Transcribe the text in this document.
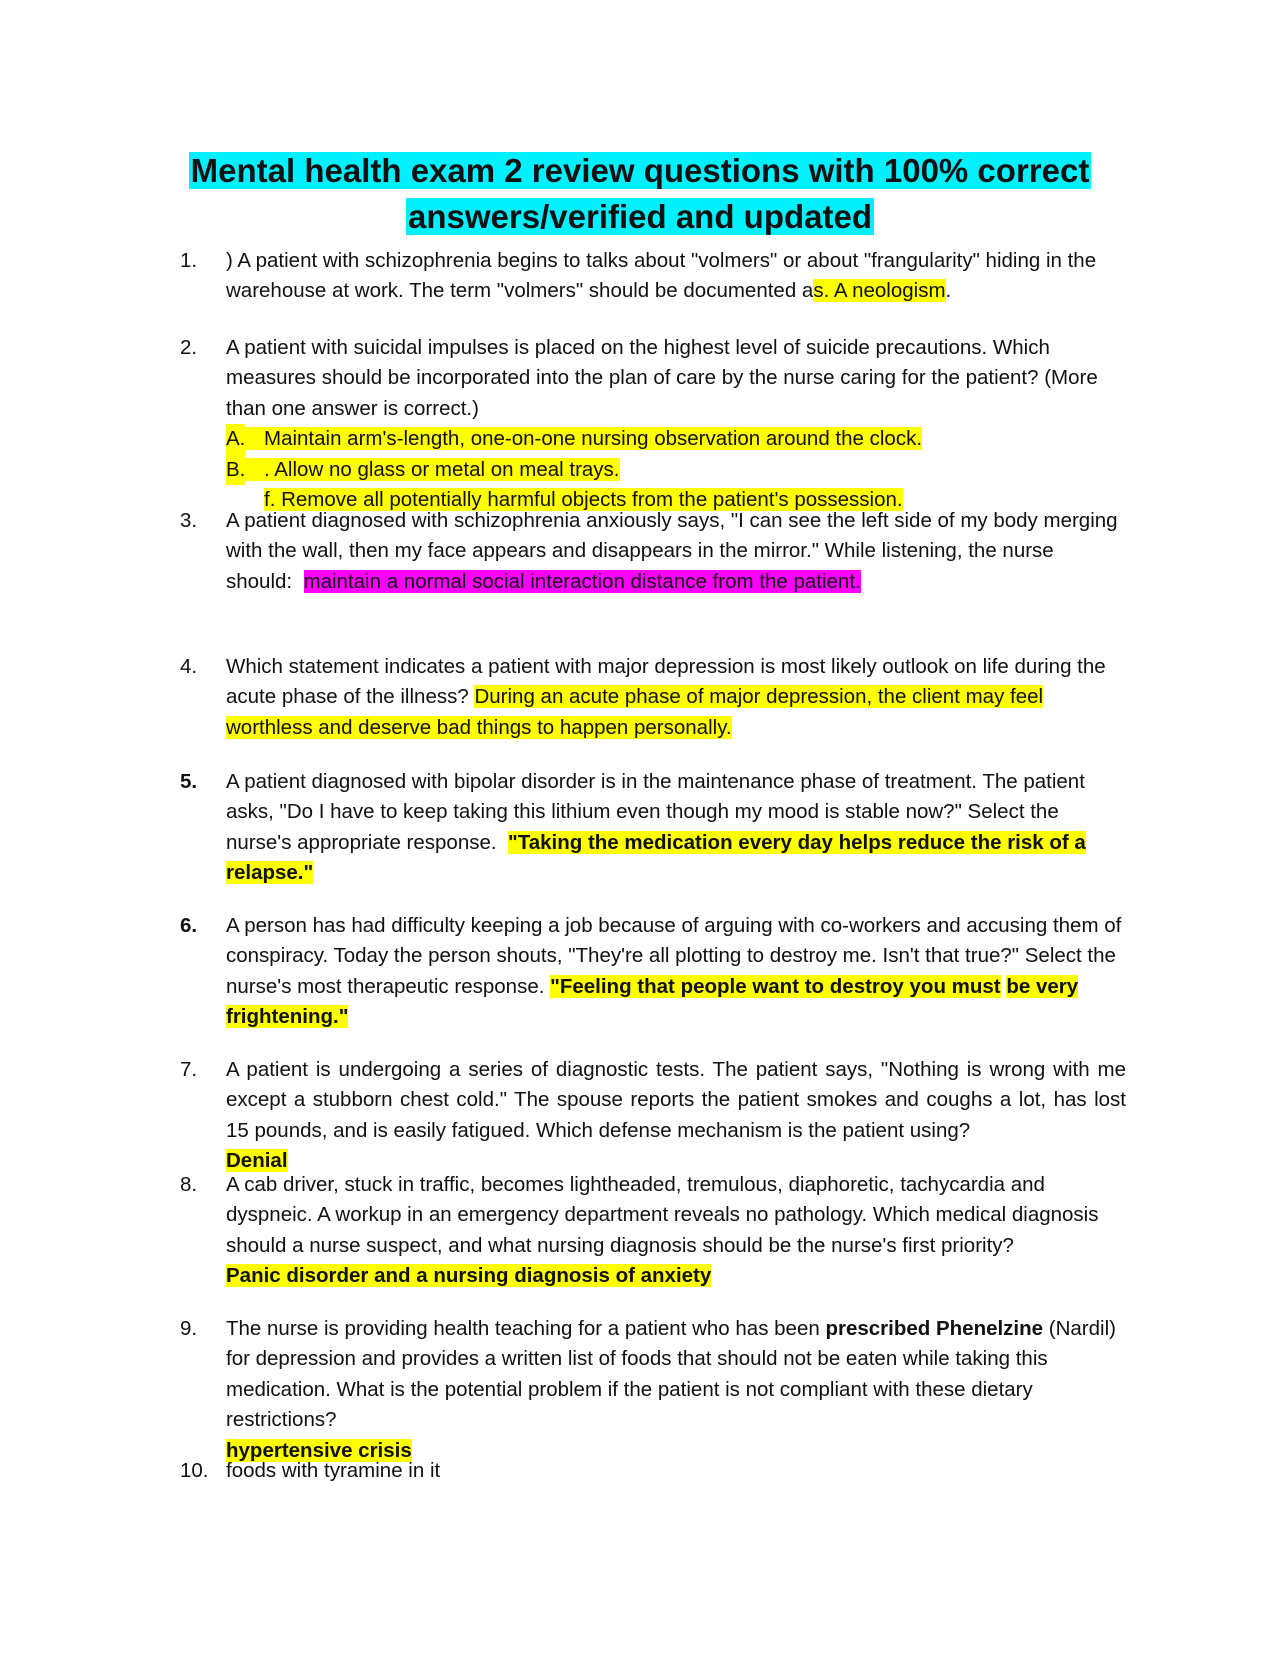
Mental health exam 2 review questions with 100% correct
answers/verified and updated
1.	) A patient with schizophrenia begins to talks about "volmers" or about "frangularity" hiding in the warehouse at work. The term "volmers" should be documented as. A neologism.
2.	A patient with suicidal impulses is placed on the highest level of suicide precautions. Which measures should be incorporated into the plan of care by the nurse caring for the patient? (More than one answer is correct.)
A. Maintain arm's-length, one-on-one nursing observation around the clock.
B. . Allow no glass or metal on meal trays.
f. Remove all potentially harmful objects from the patient's possession.
3.	A patient diagnosed with schizophrenia anxiously says, "I can see the left side of my body merging with the wall, then my face appears and disappears in the mirror." While listening, the nurse should: maintain a normal social interaction distance from the patient.
4.	Which statement indicates a patient with major depression is most likely outlook on life during the acute phase of the illness? During an acute phase of major depression, the client may feel worthless and deserve bad things to happen personally.
5.	A patient diagnosed with bipolar disorder is in the maintenance phase of treatment. The patient asks, "Do I have to keep taking this lithium even though my mood is stable now?" Select the nurse's appropriate response. "Taking the medication every day helps reduce the risk of a relapse."
6.	A person has had difficulty keeping a job because of arguing with co-workers and accusing them of conspiracy. Today the person shouts, "They're all plotting to destroy me. Isn't that true?" Select the nurse's most therapeutic response. "Feeling that people want to destroy you must be very frightening."
7.	A patient is undergoing a series of diagnostic tests. The patient says, "Nothing is wrong with me except a stubborn chest cold." The spouse reports the patient smokes and coughs a lot, has lost 15 pounds, and is easily fatigued. Which defense mechanism is the patient using?
Denial
8.	A cab driver, stuck in traffic, becomes lightheaded, tremulous, diaphoretic, tachycardia and dyspneic. A workup in an emergency department reveals no pathology. Which medical diagnosis should a nurse suspect, and what nursing diagnosis should be the nurse's first priority?
Panic disorder and a nursing diagnosis of anxiety
9.	The nurse is providing health teaching for a patient who has been prescribed Phenelzine (Nardil) for depression and provides a written list of foods that should not be eaten while taking this medication. What is the potential problem if the patient is not compliant with these dietary restrictions?
hypertensive crisis
10. foods with tyramine in it
